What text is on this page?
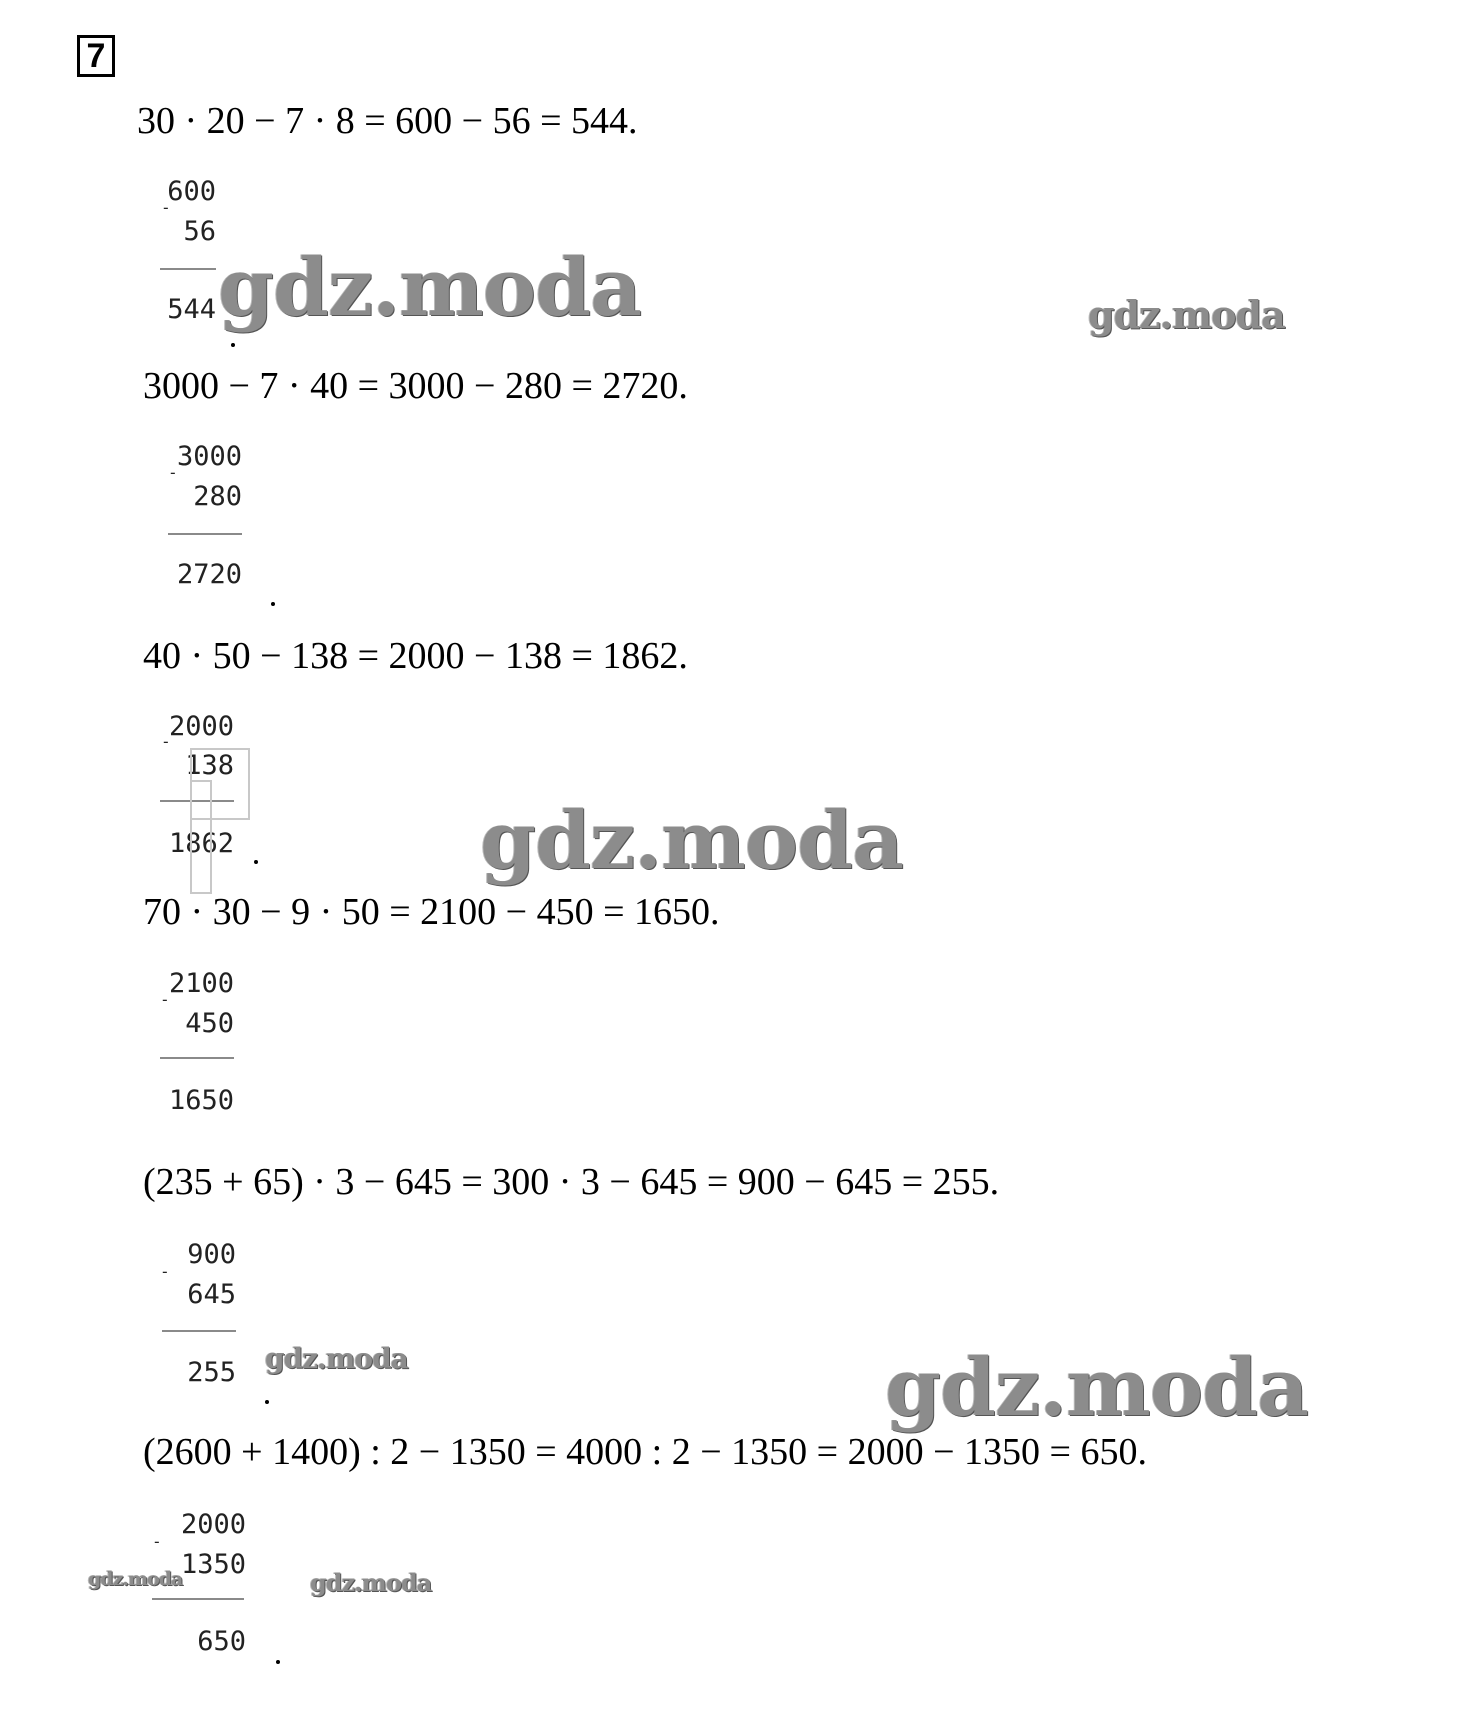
7
30 · 20 − 7 · 8 = 600 − 56 = 544.
600
-
56
544
3000 − 7 · 40 = 3000 − 280 = 2720.
3000
-
280
2720
40 · 50 − 138 = 2000 − 138 = 1862.
2000
-
138
1862
70 · 30 − 9 · 50 = 2100 − 450 = 1650.
2100
-
450
1650
(235 + 65) · 3 − 645 = 300 · 3 − 645 = 900 − 645 = 255.
900
-
645
255
(2600 + 1400) : 2 − 1350 = 4000 : 2 − 1350 = 2000 − 1350 = 650.
2000
-
1350
650
gdz.moda	gdz.moda
gdz.moda
gdz.moda	gdz.moda
gdz.moda	gdz.moda
